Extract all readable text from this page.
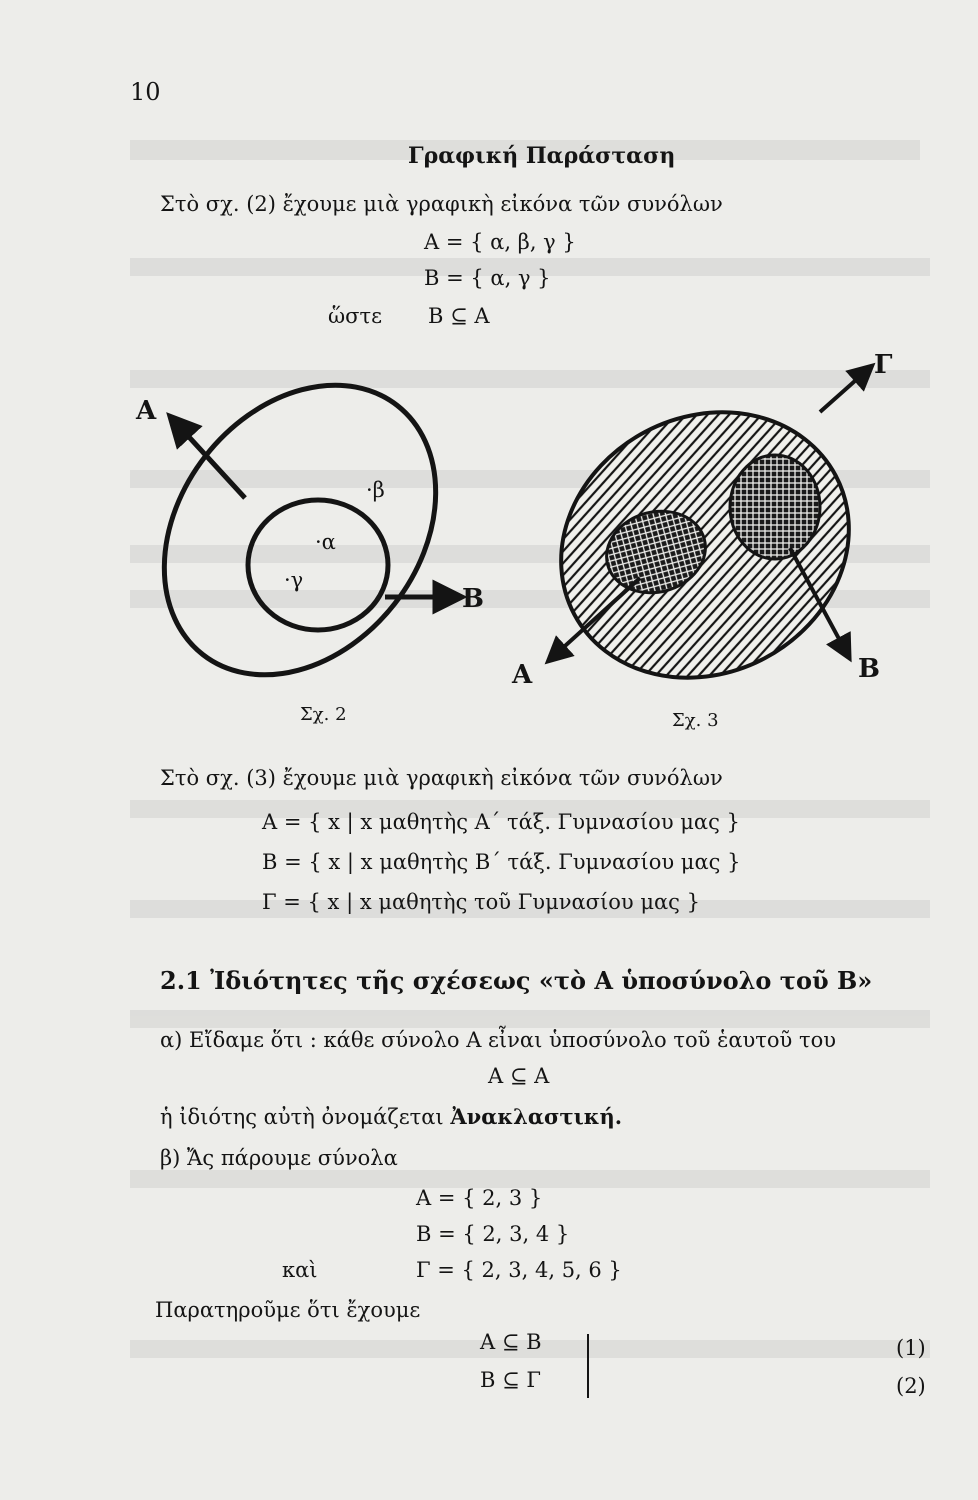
10
Γραφική Παράσταση
Στὸ σχ. (2) ἔχουμε μιὰ γραφικὴ εἰκόνα τῶν συνόλων
A = { α, β, γ }
B = { α, γ }
ὥστε B ⊆ A
A
B
·β
·α
·γ
Σχ. 2
Γ
A	B
Σχ. 3
Στὸ σχ. (3) ἔχουμε μιὰ γραφικὴ εἰκόνα τῶν συνόλων
A = { x | x μαθητὴς A΄ τάξ. Γυμνασίου μας }
B = { x | x μαθητὴς B΄ τάξ. Γυμνασίου μας }
Γ = { x | x μαθητὴς τοῦ Γυμνασίου μας }
2.1 Ἰδιότητες τῆς σχέσεως «τὸ A ὑποσύνολο τοῦ B»
α) Εἴδαμε ὅτι : κάθε σύνολο A εἶναι ὑποσύνολο τοῦ ἑαυτοῦ του
A ⊆ A
ἡ ἰδιότης αὐτὴ ὀνομάζεται Ἀνακλαστική.
β) Ἄς πάρουμε σύνολα
A = { 2, 3 }
B = { 2, 3, 4 }
καὶ	Γ = { 2, 3, 4, 5, 6 }
Παρατηροῦμε ὅτι ἔχουμε
A ⊆ B
B ⊆ Γ
(1)
(2)
